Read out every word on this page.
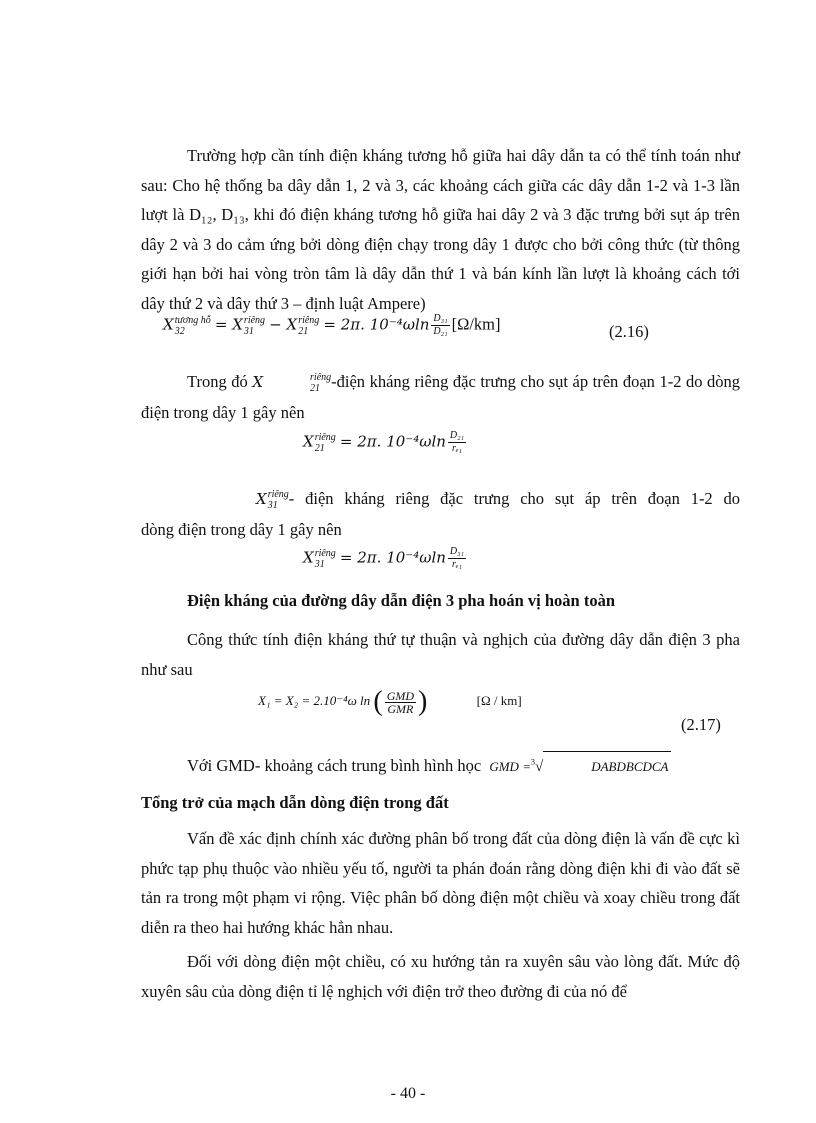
Trường hợp cần tính điện kháng tương hỗ giữa hai dây dẫn ta có thể tính toán như sau: Cho hệ thống ba dây dẫn 1, 2 và 3, các khoảng cách giữa các dây dẫn 1-2 và 1-3 lần lượt là D₁₂, D₁₃, khi đó điện kháng tương hỗ giữa hai dây 2 và 3 đặc trưng bởi sụt áp trên dây 2 và 3 do cảm ứng bởi dòng điện chạy trong dây 1 được cho bởi công thức (từ thông giới hạn bởi hai vòng tròn tâm là dây dẫn thứ 1 và bán kính lần lượt là khoảng cách tới dây thứ 2 và dây thứ 3 – định luật Ampere)

X tương hỗ
32	= X riêng
31	− X riêng
21	= 2π. $10^{-4}\omega\ln \frac{\text{D₃₁}}{\text{D₂₁}} [\Omega/km]$	(2.16)

Trong đó X	riêng
21 -điện kháng riêng đặc trưng cho sụt áp trên đoạn 1-2 do dòng điện trong dây 1 gây nên

X riêng
21	= 2π. $10^{-4}\omega\ln \frac{\text{D₂₁}}{\text{rₑ₁}}$

X riêng
31 - điện kháng riêng đặc trưng cho sụt áp trên đoạn 1-2 do

dòng điện trong dây 1 gây nên

X riêng
31	= 2π. $10^{-4}\omega\ln \frac{\text{D₃₁}}{\text{rₑ₁}}$
Điện kháng của đường dây dẫn điện 3 pha hoán vị hoàn toàn

Công thức tính điện kháng thứ tự thuận và nghịch của đường dây dẫn điện 3 pha như sau

X₁ = X₂ = 2.10⁻⁴ω ln ( $\frac{\text{GMD}}{\text{GMR}}$ )	[Ω / km]
(2.17)

Với GMD- khoảng cách trung bình hình học GMD =$^3$√	DABDBCDCA

Tổng trở của mạch dẫn dòng điện trong đất

Vấn đề xác định chính xác đường phân bố trong đất của dòng điện là vấn đề cực kì phức tạp phụ thuộc vào nhiều yếu tố, người ta phán đoán rằng dòng điện khi đi vào đất sẽ tản ra trong một phạm vi rộng. Việc phân bố dòng điện một chiều và xoay chiều trong đất diễn ra theo hai hướng khác hẳn nhau.

Đối với dòng điện một chiều, có xu hướng tản ra xuyên sâu vào lòng đất. Mức độ xuyên sâu của dòng điện tỉ lệ nghịch với điện trở theo đường đi của nó để

- 40 -
